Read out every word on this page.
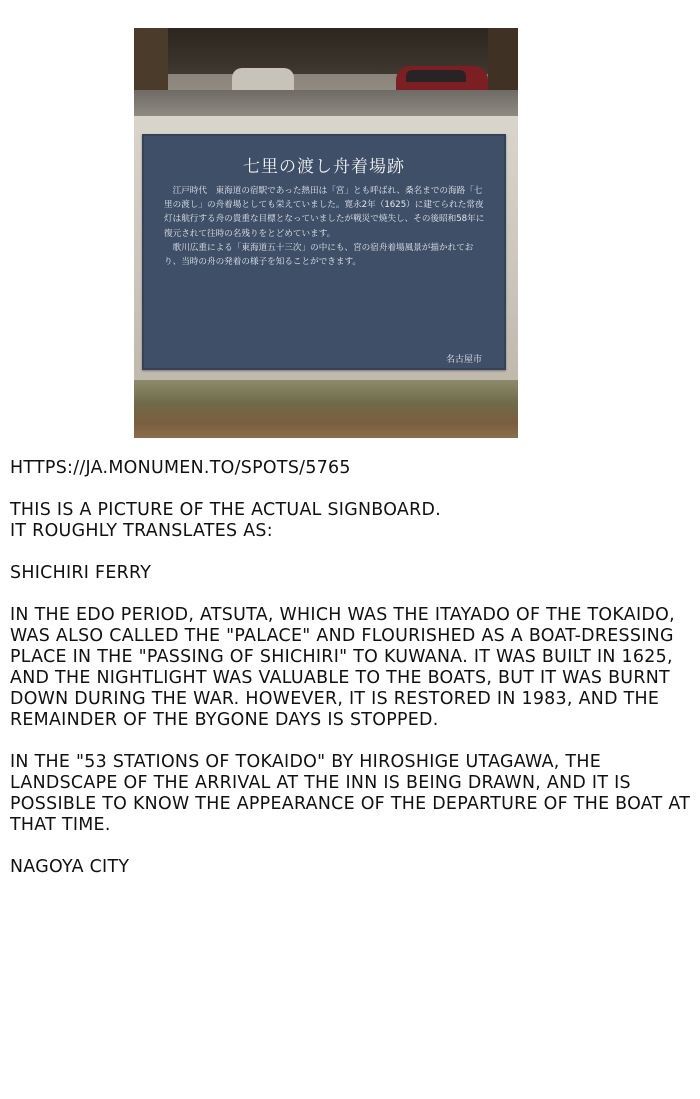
七里の渡し舟着場跡

江戸時代　東海道の宿駅であった熱田は「宮」とも呼ばれ、桑名までの海路「七里の渡し」の舟着場としても栄えていました。寛永2年（1625）に建てられた常夜灯は航行する舟の貴重な目標となっていましたが戦災で焼失し、その後昭和58年に復元されて往時の名残りをとどめています。

歌川広重による「東海道五十三次」の中にも、宮の宿舟着場風景が描かれており、当時の舟の発着の様子を知ることができます。

名古屋市

HTTPS://JA.MONUMEN.TO/SPOTS/5765

THIS IS A PICTURE OF THE ACTUAL SIGNBOARD.
IT ROUGHLY TRANSLATES AS:

SHICHIRI FERRY

IN THE EDO PERIOD, ATSUTA, WHICH WAS THE ITAYADO OF THE TOKAIDO, WAS ALSO CALLED THE "PALACE" AND FLOURISHED AS A BOAT-DRESSING PLACE IN THE "PASSING OF SHICHIRI" TO KUWANA. IT WAS BUILT IN 1625, AND THE NIGHTLIGHT WAS VALUABLE TO THE BOATS, BUT IT WAS BURNT DOWN DURING THE WAR. HOWEVER, IT IS RESTORED IN 1983, AND THE REMAINDER OF THE BYGONE DAYS IS STOPPED.

IN THE "53 STATIONS OF TOKAIDO" BY HIROSHIGE UTAGAWA, THE LANDSCAPE OF THE ARRIVAL AT THE INN IS BEING DRAWN, AND IT IS POSSIBLE TO KNOW THE APPEARANCE OF THE DEPARTURE OF THE BOAT AT THAT TIME.

NAGOYA CITY
